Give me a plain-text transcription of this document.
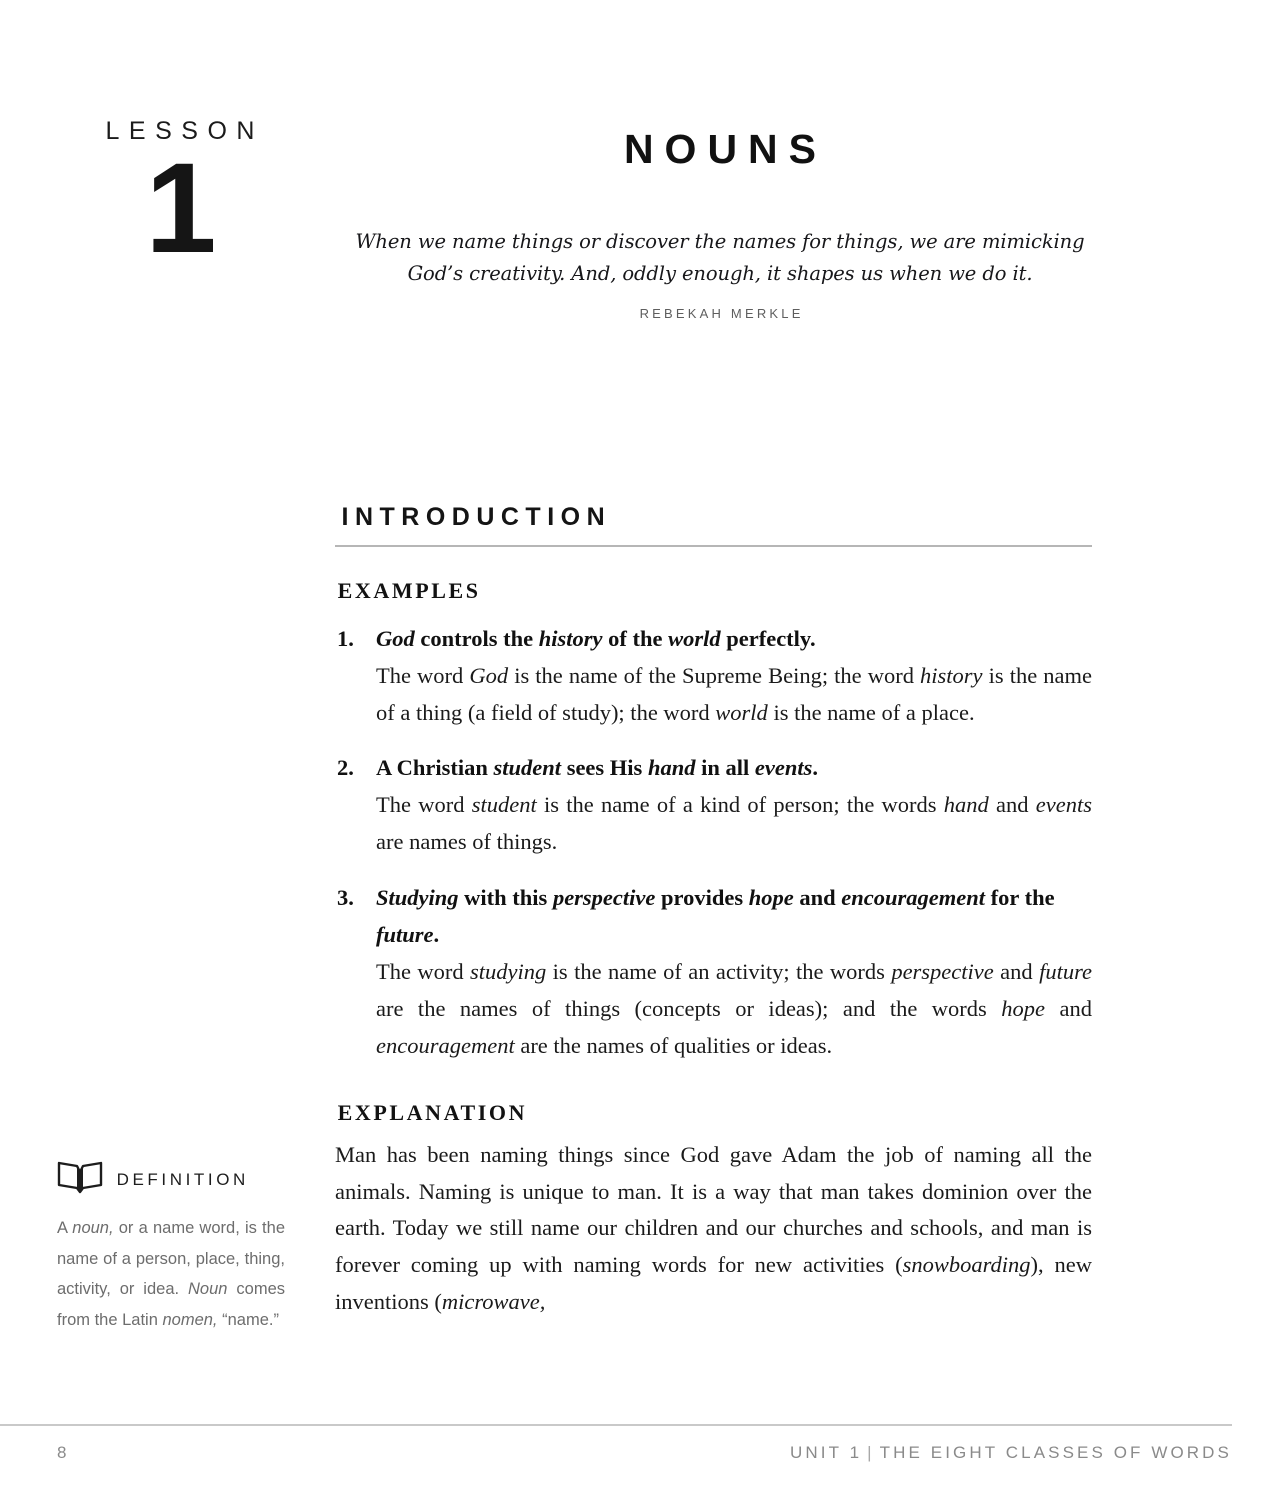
LESSON
1	NOUNS
When we name things or discover the names for things, we are mimicking God’s creativity. And, oddly enough, it shapes us when we do it.
REBEKAH MERKLE
INTRODUCTION
EXAMPLES
1. God controls the history of the world perfectly.
The word God is the name of the Supreme Being; the word history is the name of a thing (a field of study); the word world is the name of a place.
2. A Christian student sees His hand in all events.
The word student is the name of a kind of person; the words hand and events are names of things.
3. Studying with this perspective provides hope and encouragement for the future.
The word studying is the name of an activity; the words perspective and future are the names of things (concepts or ideas); and the words hope and encouragement are the names of qualities or ideas.
EXPLANATION

Man has been naming things since God gave Adam the job of naming all the animals. Naming is unique to man. It is a way that man takes dominion over the earth. Today we still name our children and our churches and schools, and man is forever coming up with naming words for new activities (snowboarding), new inventions (microwave,

DEFINITION

A noun, or a name word, is the name of a person, place, thing, activity, or idea. Noun comes from the Latin nomen, “name.”

8	UNIT 1 | THE EIGHT CLASSES OF WORDS
